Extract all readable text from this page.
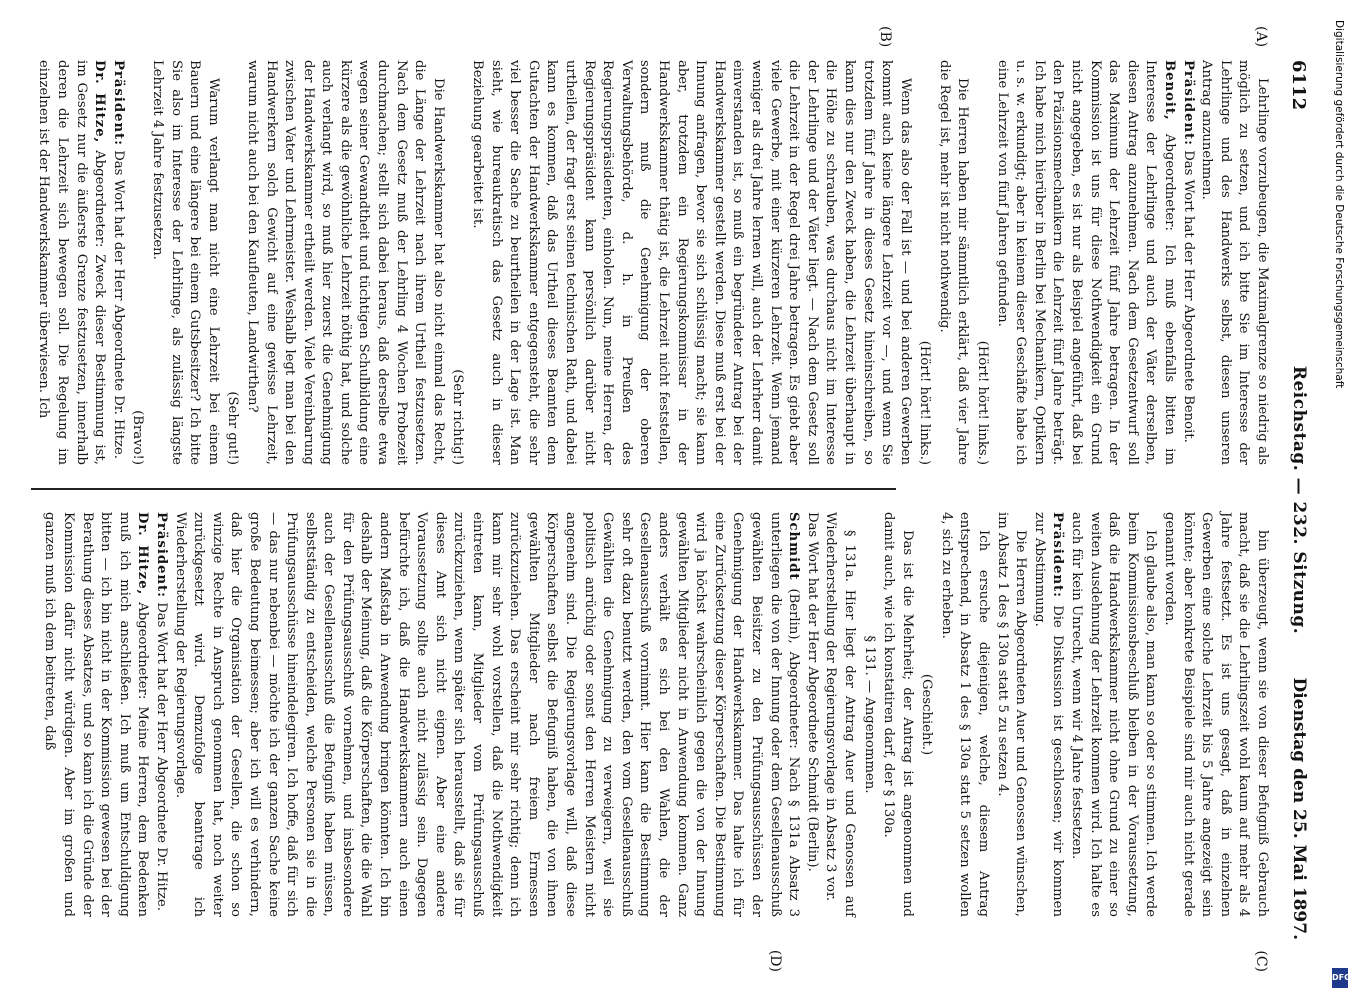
6112
Reichstag. — 232. Sitzung.
Dienstag den 25. Mai 1897.
(A)
(B)
(C)
(D)

Lehrlinge vorzubeugen, die Maximalgrenze so niedrig als möglich zu setzen, und ich bitte Sie im Interesse der Lehrlinge und des Handwerks selbst, diesen unseren Antrag anzunehmen.

Präsident: Das Wort hat der Herr Abgeordnete Benoit.

Benoit, Abgeordneter: Ich muß ebenfalls bitten im Interesse der Lehrlinge und auch der Väter derselben, diesen Antrag anzunehmen. Nach dem Gesetzentwurf soll das Maximum der Lehrzeit fünf Jahre betragen. In der Kommission ist uns für diese Nothwendigkeit ein Grund nicht angegeben, es ist nur als Beispiel angeführt, daß bei den Präzisionsmechanikern die Lehrzeit fünf Jahre beträgt. Ich habe mich hierüber in Berlin bei Mechanikern, Optikern u. s. w. erkundigt; aber in keinem dieser Geschäfte habe ich eine Lehrzeit von fünf Jahren gefunden.

(Hört! hört! links.)

Die Herren haben mir sämmtlich erklärt, daß vier Jahre die Regel ist, mehr ist nicht nothwendig.

(Hört! hört! links.)

Wenn das also der Fall ist — und bei anderen Gewerben kommt auch keine längere Lehrzeit vor —, und wenn Sie trotzdem fünf Jahre in dieses Gesetz hineinschreiben, so kann dies nur den Zweck haben, die Lehrzeit überhaupt in die Höhe zu schrauben, was durchaus nicht im Interesse der Lehrlinge und der Väter liegt. — Nach dem Gesetz soll die Lehrzeit in der Regel drei Jahre betragen. Es giebt aber viele Gewerbe, mit einer kürzeren Lehrzeit. Wenn jemand weniger als drei Jahre lernen will, auch der Lehrherr damit einverstanden ist, so muß ein begründeter Antrag bei der Handwerkskammer gestellt werden. Diese muß erst bei der Innung anfragen, bevor sie sich schlüssig macht; sie kann aber, trotzdem ein Regierungskommissar in der Handwerkskammer thätig ist, die Lehrzeit nicht feststellen, sondern muß die Genehmigung der oberen Verwaltungsbehörde, d. h. in Preußen des Regierungspräsidenten, einholen. Nun, meine Herren, der Regierungspräsident kann persönlich darüber nicht urtheilen, der fragt erst seinen technischen Rath, und dabei kann es kommen, daß das Urtheil dieses Beamten dem Gutachten der Handwerkskammer entgegensteht, die sehr viel besser die Sache zu beurtheilen in der Lage ist. Man sieht, wie bureaukratisch das Gesetz auch in dieser Beziehung gearbeitet ist.

(Sehr richtig!)

Die Handwerkskammer hat also nicht einmal das Recht, die Länge der Lehrzeit nach ihrem Urtheil festzusetzen. Nach dem Gesetz muß der Lehrling 4 Wochen Probezeit durchmachen; stellt sich dabei heraus, daß derselbe etwa wegen seiner Gewandtheit und tüchtigen Schulbildung eine kürzere als die gewöhnliche Lehrzeit nöthig hat, und solche auch verlangt wird, so muß hier zuerst die Genehmigung der Handwerkskammer ertheilt werden. Viele Vereinbarung zwischen Vater und Lehrmeister. Weshalb legt man bei den Handwerkern solch Gewicht auf eine gewisse Lehrzeit, warum nicht auch bei den Kaufleuten, Landwirthen?

(Sehr gut!)

Warum verlangt man nicht eine Lehrzeit bei einem Bauern und eine längere bei einem Gutsbesitzer? Ich bitte Sie also im Interesse der Lehrlinge, als zulässig längste Lehrzeit 4 Jahre festzusetzen.

(Bravo!)

Präsident: Das Wort hat der Herr Abgeordnete Dr. Hitze.

Dr. Hitze, Abgeordneter: Zweck dieser Bestimmung ist, im Gesetz nur die äußerste Grenze festzusetzen, innerhalb deren die Lehrzeit sich bewegen soll. Die Regelung im einzelnen ist der Handwerkskammer überwiesen. Ich

bin überzeugt, wenn sie von dieser Befugniß Gebrauch macht, daß sie die Lehrlingszeit wohl kaum auf mehr als 4 Jahre festsetzt. Es ist uns gesagt, daß in einzelnen Gewerben eine solche Lehrzeit bis 5 Jahre angezeigt sein könnte; aber konkrete Beispiele sind mir auch nicht gerade genannt worden.

Ich glaube also, man kann so oder so stimmen. Ich werde beim Kommissionsbeschluß bleiben in der Voraussetzung, daß die Handwerkskammer nicht ohne Grund zu einer so weiten Ausdehnung der Lehrzeit kommen wird. Ich halte es auch für kein Unrecht, wenn wir 4 Jahre festsetzen.

Präsident: Die Diskussion ist geschlossen; wir kommen zur Abstimmung.

Die Herren Abgeordneten Auer und Genossen wünschen, im Absatz 1 des § 130a statt 5 zu setzen 4.

Ich ersuche diejenigen, welche, diesem Antrag entsprechend, in Absatz 1 des § 130a statt 5 setzen wollen 4, sich zu erheben.

(Geschieht.)

Das ist die Mehrheit; der Antrag ist angenommen und damit auch, wie ich konstatiren darf, der § 130a.

§ 131. — Angenommen.

§ 131a. Hier liegt der Antrag Auer und Genossen auf Wiederherstellung der Regierungsvorlage in Absatz 3 vor.

Das Wort hat der Herr Abgeordnete Schmidt (Berlin).

Schmidt (Berlin), Abgeordneter: Nach § 131a Absatz 3 unterliegen die von der Innung oder dem Gesellenausschuß gewählten Beisitzer zu den Prüfungsausschüssen der Genehmigung der Handwerkskammer. Das halte ich für eine Zurücksetzung dieser Körperschaften. Die Bestimmung wird ja höchst wahrscheinlich gegen die von der Innung gewählten Mitglieder nicht in Anwendung kommen. Ganz anders verhält es sich bei den Wahlen, die der Gesellenausschuß vornimmt. Hier kann die Bestimmung sehr oft dazu benutzt werden, den vom Gesellenausschuß Gewählten die Genehmigung zu verweigern, weil sie politisch anrüchig oder sonst den Herren Meistern nicht angenehm sind. Die Regierungsvorlage will, daß diese Körperschaften selbst die Befugniß haben, die von ihnen gewählten Mitglieder nach freiem Ermessen zurückzuziehen. Das erscheint mir sehr richtig; denn ich kann mir sehr wohl vorstellen, daß die Nothwendigkeit eintreten kann, Mitglieder vom Prüfungsausschuß zurückzuziehen, wenn später sich herausstellt, daß sie für dieses Amt sich nicht eignen. Aber eine andere Voraussetzung sollte auch nicht zulässig sein. Dagegen befürchte ich, daß die Handwerkskammern auch einen andern Maßstab in Anwendung bringen könnten. Ich bin deshalb der Meinung, daß die Körperschaften, die die Wahl für den Prüfungsausschuß vornehmen, und insbesondere auch der Gesellenausschuß die Befugniß haben müssen, selbstständig zu entscheiden, welche Personen sie in die Prüfungsausschüsse hineindelegiren. Ich hoffe, daß für sich — das nur nebenbei — möchte ich der ganzen Sache keine große Bedeutung beimessen; aber ich will es verhindern, daß hier die Organisation der Gesellen, die schon so winzige Rechte in Anspruch genommen hat, noch weiter zurückgesetzt wird. Demzufolge beantrage ich Wiederherstellung der Regierungsvorlage.

Präsident: Das Wort hat der Herr Abgeordnete Dr. Hitze.

Dr. Hitze, Abgeordneter: Meine Herren, dem Bedenken muß ich mich anschließen. Ich muß um Entschuldigung bitten — ich bin nicht in der Kommission gewesen bei der Berathung dieses Absatzes, und so kann ich die Gründe der Kommission dafür nicht würdigen. Aber im großen und ganzen muß ich dem beitreten, daß

Digitalisierung gefördert durch die Deutsche Forschungsgemeinschaft
DFG
